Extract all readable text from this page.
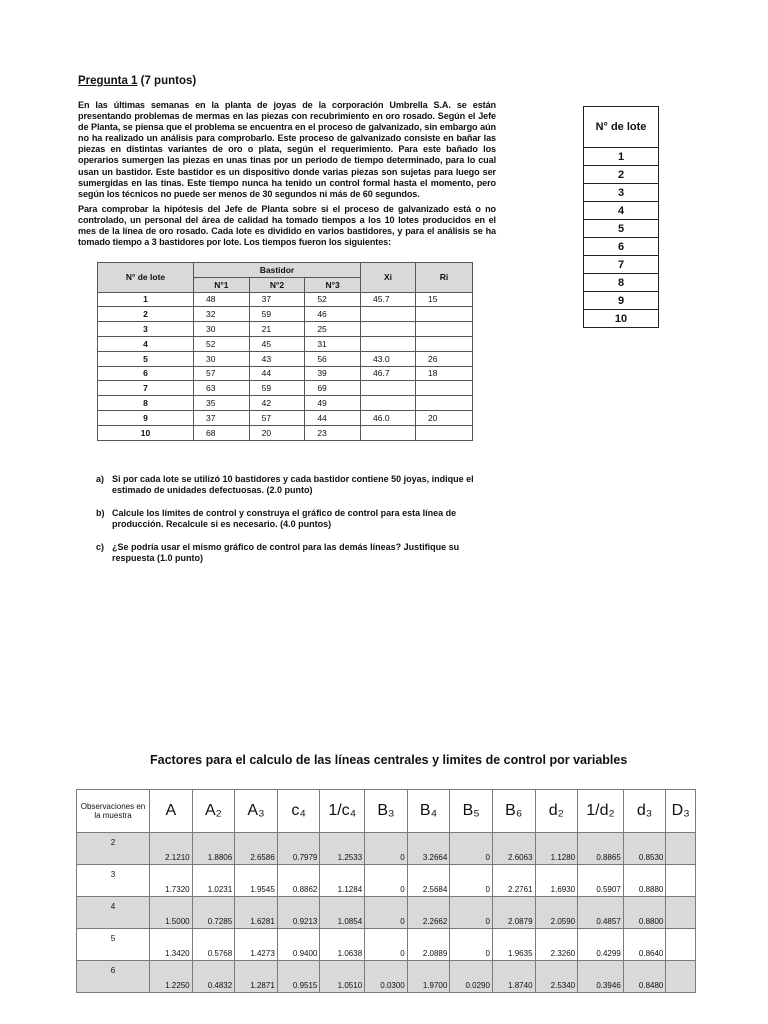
Pregunta 1 (7 puntos)
En las últimas semanas en la planta de joyas de la corporación Umbrella S.A. se están presentando problemas de mermas en las piezas con recubrimiento en oro rosado. Según el Jefe de Planta, se piensa que el problema se encuentra en el proceso de galvanizado, sin embargo aún no ha realizado un análisis para comprobarlo. Este proceso de galvanizado consiste en bañar las piezas en distintas variantes de oro o plata, según el requerimiento. Para este bañado los operarios sumergen las piezas en unas tinas por un periodo de tiempo determinado, para lo cual usan un bastidor. Este bastidor es un dispositivo donde varias piezas son sujetas para luego ser sumergidas en las tinas. Este tiempo nunca ha tenido un control formal hasta el momento, pero según los técnicos no puede ser menos de 30 segundos ni más de 60 segundos.
Para comprobar la hipótesis del Jefe de Planta sobre si el proceso de galvanizado está o no controlado, un personal del área de calidad ha tomado tiempos a los 10 lotes producidos en el mes de la línea de oro rosado. Cada lote es dividido en varios bastidores, y para el análisis se ha tomado tiempo a 3 bastidores por lote. Los tiempos fueron los siguientes:
N° de lote	Bastidor			Xi	Ri
	N°1	N°2	N°3		
1	48	37	52	45.7	15
2	32	59	46		
3	30	21	25		
4	52	45	31		
5	30	43	56	43.0	26
6	57	44	39	46.7	18
7	63	59	69		
8	35	42	49		
9	37	57	44	46.0	20
10	68	20	23		
a) Si por cada lote se utilizó 10 bastidores y cada bastidor contiene 50 joyas, indique el estimado de unidades defectuosas. (2.0 punto)
b) Calcule los límites de control y construya el gráfico de control para esta línea de producción. Recalcule si es necesario. (4.0 puntos)
c) ¿Se podría usar el mismo gráfico de control para las demás líneas? Justifique su respuesta (1.0 punto)
N° de lote
1
2
3
4
5
6
7
8
9
10
Factores para el calculo de las líneas centrales y limites de control por variables
Observaciones en la muestra	A	A₂	A₃	c₄	1/c₄	B₃	B₄	B₅	B₆	d₂	1/d₂	d₃	D₃
2	2.1210	1.8806	2.6586	0.7979	1.2533	0	3.2664	0	2.6063	1.1280	0.8865	0.8530	
3	1.7320	1.0231	1.9545	0.8862	1.1284	0	2.5684	0	2.2761	1.6930	0.5907	0.8880	
4	1.5000	0.7285	1.6281	0.9213	1.0854	0	2.2662	0	2.0879	2.0590	0.4857	0.8800	
5	1.3420	0.5768	1.4273	0.9400	1.0638	0	2.0889	0	1.9635	2.3260	0.4299	0.8640	
6	1.2250	0.4832	1.2871	0.9515	1.0510	0.0300	1.9700	0.0290	1.8740	2.5340	0.3946	0.8480	
